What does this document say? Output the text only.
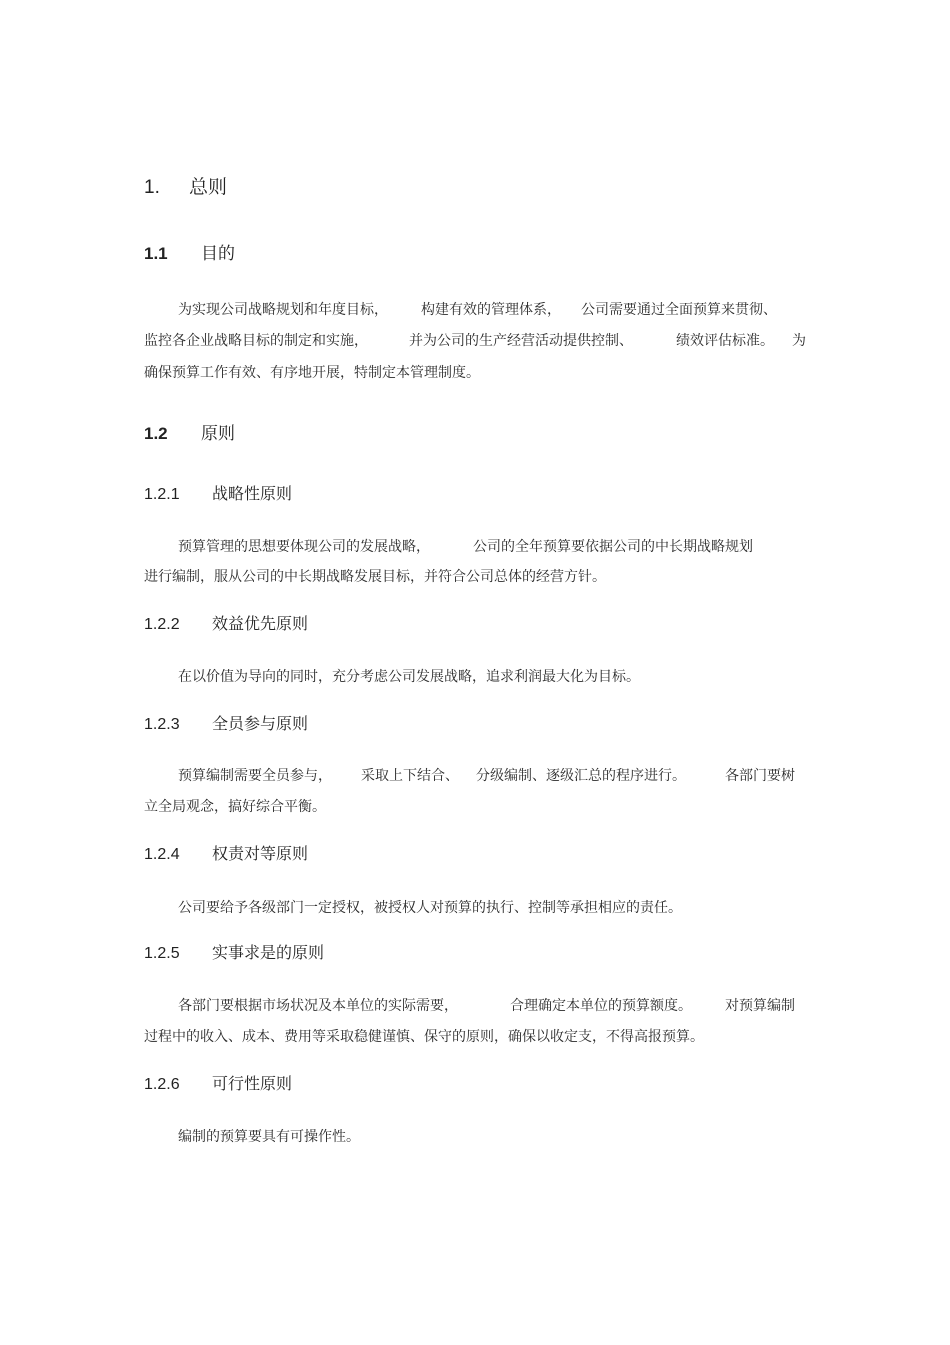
1. 总则
1.1 目的
为实现公司战略规划和年度目标， 构建有效的管理体系， 公司需要通过全面预算来贯彻、
监控各企业战略目标的制定和实施，	并为公司的生产经营活动提供控制、	绩效评估标准。 为
确保预算工作有效、有序地开展，特制定本管理制度。
1.2 原则
1.2.1 战略性原则
预算管理的思想要体现公司的发展战略，	公司的全年预算要依据公司的中长期战略规划
进行编制，服从公司的中长期战略发展目标，并符合公司总体的经营方针。
1.2.2 效益优先原则
在以价值为导向的同时，充分考虑公司发展战略，追求利润最大化为目标。
1.2.3 全员参与原则
预算编制需要全员参与， 采取上下结合、 分级编制、逐级汇总的程序进行。	各部门要树
立全局观念，搞好综合平衡。
1.2.4 权责对等原则
公司要给予各级部门一定授权，被授权人对预算的执行、控制等承担相应的责任。
1.2.5 实事求是的原则
各部门要根据市场状况及本单位的实际需要，	合理确定本单位的预算额度。 对预算编制
过程中的收入、成本、费用等采取稳健谨慎、保守的原则，确保以收定支，不得高报预算。
1.2.6 可行性原则
编制的预算要具有可操作性。
